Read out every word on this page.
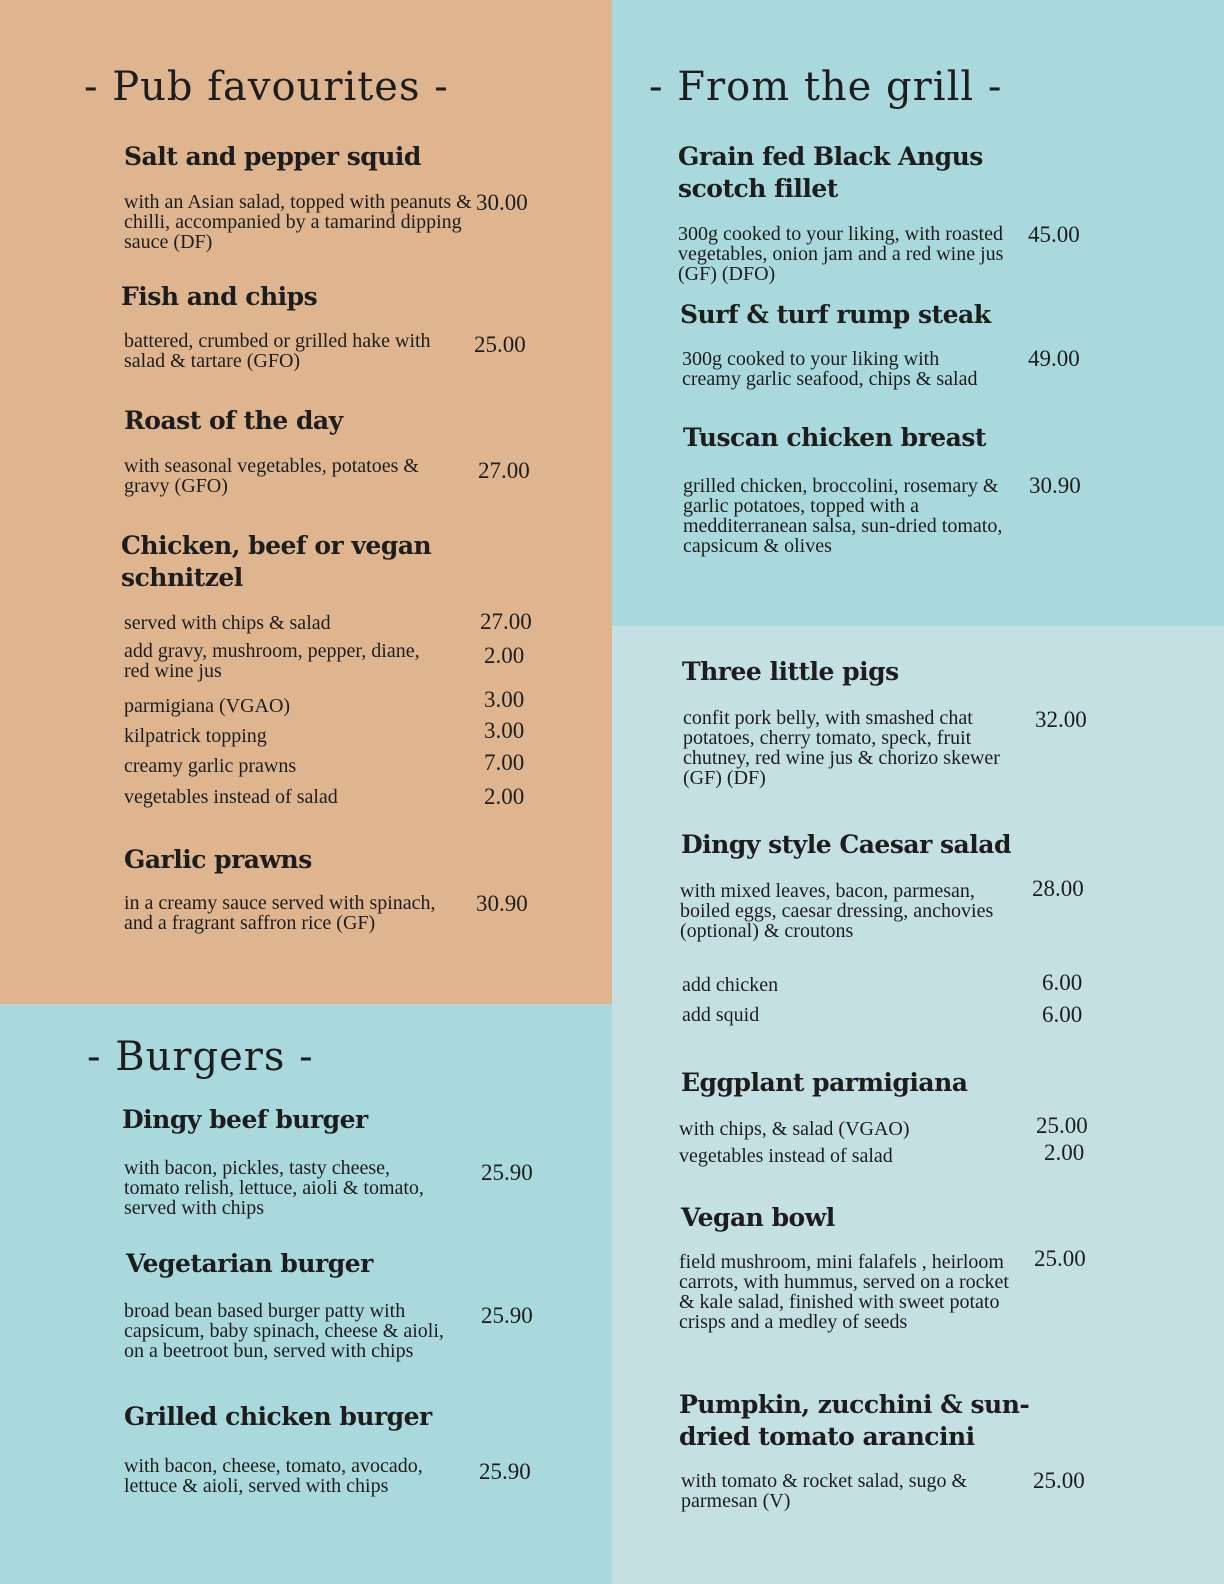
- Pub favourites -
Salt and pepper squid

with an Asian salad, topped with peanuts & chilli, accompanied by a tamarind dipping sauce (DF)

30.00
Fish and chips

battered, crumbed or grilled hake with salad & tartare (GFO)

25.00
Roast of the day

with seasonal vegetables, potatoes & gravy (GFO)

27.00
Chicken, beef or vegan schnitzel
served with chips & salad	27.00

add gravy, mushroom, pepper, diane, red wine jus

2.00
parmigiana (VGAO)	3.00
kilpatrick topping	3.00
creamy garlic prawns	7.00
vegetables instead of salad	2.00
Garlic prawns

in a creamy sauce served with spinach, and a fragrant saffron rice (GF)

30.90
- Burgers -
Dingy beef burger

with bacon, pickles, tasty cheese, tomato relish, lettuce, aioli & tomato, served with chips

25.90
Vegetarian burger

broad bean based burger patty with capsicum, baby spinach, cheese & aioli, on a beetroot bun, served with chips

25.90
Grilled chicken burger

with bacon, cheese, tomato, avocado, lettuce & aioli, served with chips

25.90
- From the grill -
Grain fed Black Angus scotch fillet

300g cooked to your liking, with roasted vegetables, onion jam and a red wine jus (GF) (DFO)

45.00
Surf & turf rump steak

300g cooked to your liking with creamy garlic seafood, chips & salad

49.00
Tuscan chicken breast

grilled chicken, broccolini, rosemary & garlic potatoes, topped with a medditerranean salsa, sun-dried tomato, capsicum & olives

30.90
Three little pigs

confit pork belly, with smashed chat potatoes, cherry tomato, speck, fruit chutney, red wine jus & chorizo skewer (GF) (DF)

32.00
Dingy style Caesar salad

with mixed leaves, bacon, parmesan, boiled eggs, caesar dressing, anchovies (optional) & croutons

28.00
add chicken	6.00
add squid	6.00
Eggplant parmigiana
with chips, & salad (VGAO)	25.00
vegetables instead of salad	2.00
Vegan bowl

field mushroom, mini falafels , heirloom carrots, with hummus, served on a rocket & kale salad, finished with sweet potato crisps and a medley of seeds

25.00
Pumpkin, zucchini & sun-dried tomato arancini

with tomato & rocket salad, sugo & parmesan (V)

25.00
